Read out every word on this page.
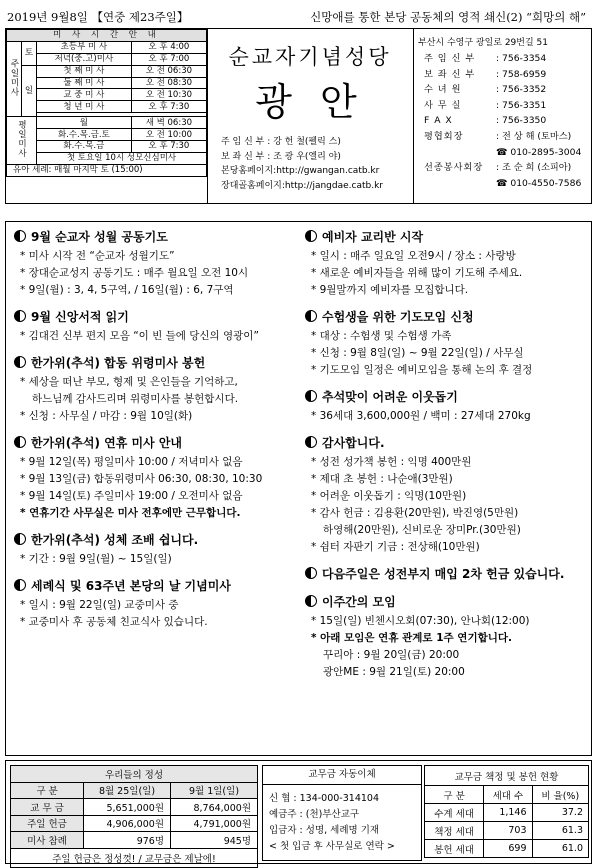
2019년 9월8일 【연중 제23주일】	신망애를 통한 본당 공동체의 영적 쇄신(2) “희망의 해”
미 사 시 간 안 내			
주일미사	토	초등부 미 사	오 후 4:00
		저녁(중.고)미사	오 후 7:00
	일	첫 째 미 사	오 전 06:30
		둘 째 미 사	오 전 08:30
		교 중 미 사	오 전 10:30
		청 년 미 사	오 후 7:30

평일미사		월	새 벽 06:30
		화.수.목.금.토	오 전 10:00
		화.수.목.금	오 후 7:30
		첫 토요일 10시 성모신심미사	
유아 세례: 매월 마지막 토 (15:00)			
순교자기념성당
광 안
주 임 신 부 : 강 헌 철(펠릭 스)
보 좌 신 부 : 조 광 우(엘리 야)
본당홈페이지:http://gwangan.catb.kr
장대골홈페이지:http://jangdae.catb.kr
부산시 수영구 광일로 29번길 51
주 임 신 부 : 756-3354
보 좌 신 부 : 758-6959
수 녀 원	: 756-3352
사 무 실	: 756-3351
F A X	: 756-3350
평협회장	: 전 상 해 (토마스)
☎ 010-2895-3004
선종봉사회장 : 조 순 희 (소피아)
☎ 010-4550-7586
9월 순교자 성월 공동기도

* 미사 시작 전 “순교자 성월기도”

* 장대순교성지 공동기도 : 매주 월요일 오전 10시

* 9일(월) : 3, 4, 5구역, / 16일(월) : 6, 7구역

9월 신앙서적 읽기

* 김대건 신부 편지 모음 “이 빈 들에 당신의 영광이”

한가위(추석) 합동 위령미사 봉헌

* 세상을 떠난 부모, 형제 및 은인들을 기억하고,

하느님께 감사드리며 위령미사를 봉헌합시다.

* 신청 : 사무실 / 마감 : 9월 10일(화)

한가위(추석) 연휴 미사 안내

* 9월 12일(목) 평일미사 10:00 / 저녁미사 없음

* 9월 13일(금) 합동위령미사 06:30, 08:30, 10:30

* 9월 14일(토) 주일미사 19:00 / 오전미사 없음

* 연휴기간 사무실은 미사 전후에만 근무합니다.

한가위(추석) 성체 조배 쉽니다.

* 기간 : 9월 9일(월) ~ 15일(일)

세례식 및 63주년 본당의 날 기념미사

* 일시 : 9월 22일(일) 교중미사 중

* 교중미사 후 공동체 친교식사 있습니다.

예비자 교리반 시작

* 일시 : 매주 일요일 오전9시 / 장소 : 사랑방

* 새로운 예비자들을 위해 많이 기도해 주세요.

* 9월말까지 예비자를 모집합니다.

수험생을 위한 기도모임 신청

* 대상 : 수험생 및 수험생 가족

* 신청 : 9월 8일(일) ~ 9월 22일(일) / 사무실

* 기도모임 일정은 예비모임을 통해 논의 후 결정

추석맞이 어려운 이웃돕기

* 36세대 3,600,000원 / 백미 : 27세대 270kg

감사합니다.

* 성전 성가책 봉헌 : 익명 400만원

* 제대 초 봉헌 : 나순애(3만원)

* 어려운 이웃돕기 : 익명(10만원)

* 감사 헌금 : 김용환(20만원), 박진영(5만원)

하영해(20만원), 신비로운 장미Pr.(30만원)

* 쉼터 자판기 기금 : 전상해(10만원)

다음주일은 성전부지 매입 2차 헌금 있습니다.
이주간의 모임

* 15일(일) 빈첸시오회(07:30), 안나회(12:00)

* 아래 모임은 연휴 관계로 1주 연기합니다.

꾸리아 : 9월 20일(금) 20:00

광안ME : 9월 21일(토) 20:00

우리들의 정성		
구 분	8월 25일(일)	9월 1일(일)
교 무 금	5,651,000원	8,764,000원
주일 헌금	4,906,000원	4,791,000원
미사 참례	976명	945명
주일 헌금은 정성껏! / 교무금은 제날에!		
교무금 자동이체
신 협 : 134-000-314104
예금주 : (천)부산교구
입금자 : 성명, 세례명 기재
< 첫 입금 후 사무실로 연락 >
교무금 책정 및 봉헌 현황		
구 분	세대 수	비 율(%)
수계 세대	1,146	37.2
책정 세대	703	61.3
봉헌 세대	699	61.0
